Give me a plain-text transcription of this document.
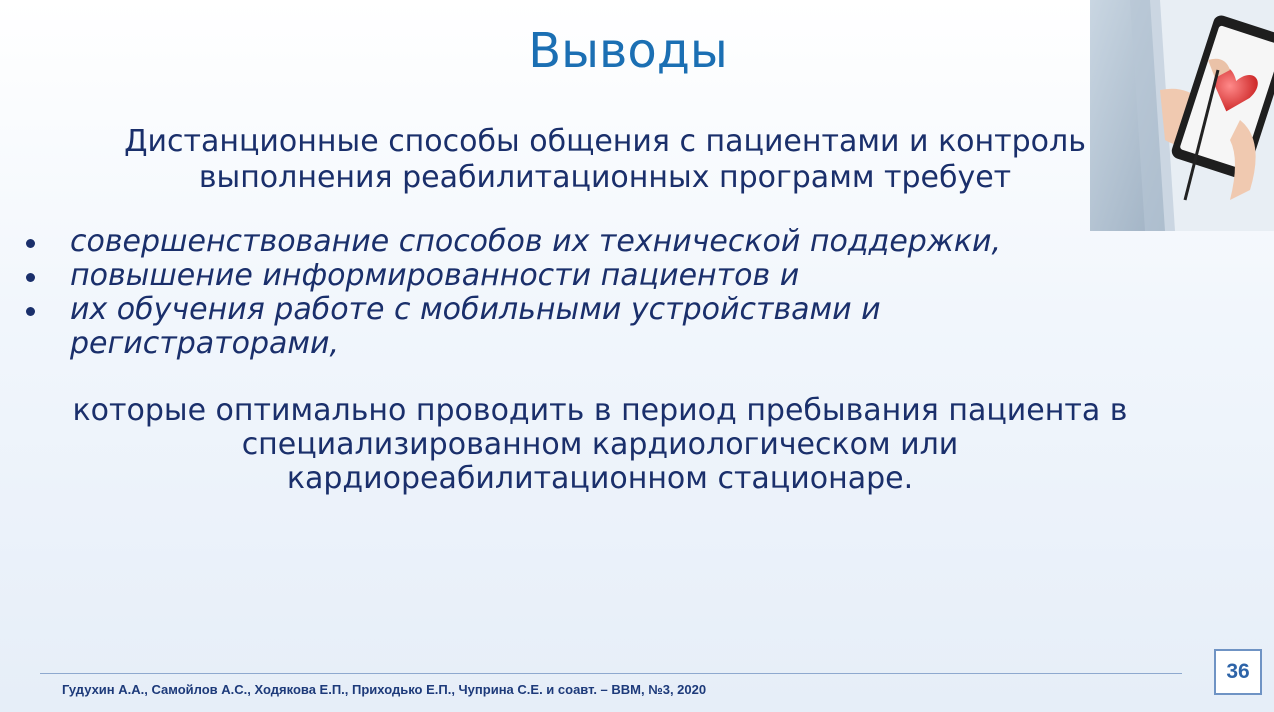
Выводы
Дистанционные способы общения с пациентами и контроль
выполнения реабилитационных программ требует
совершенствование способов их технической поддержки,
повышение информированности пациентов и
их обучения работе с мобильными устройствами и регистраторами,
которые оптимально проводить в период пребывания пациента в
специализированном кардиологическом или
кардиореабилитационном стационаре.
Гудухин А.А., Самойлов А.С., Ходякова Е.П., Приходько Е.П., Чуприна С.Е. и соавт. – ВВМ, №3, 2020
36
